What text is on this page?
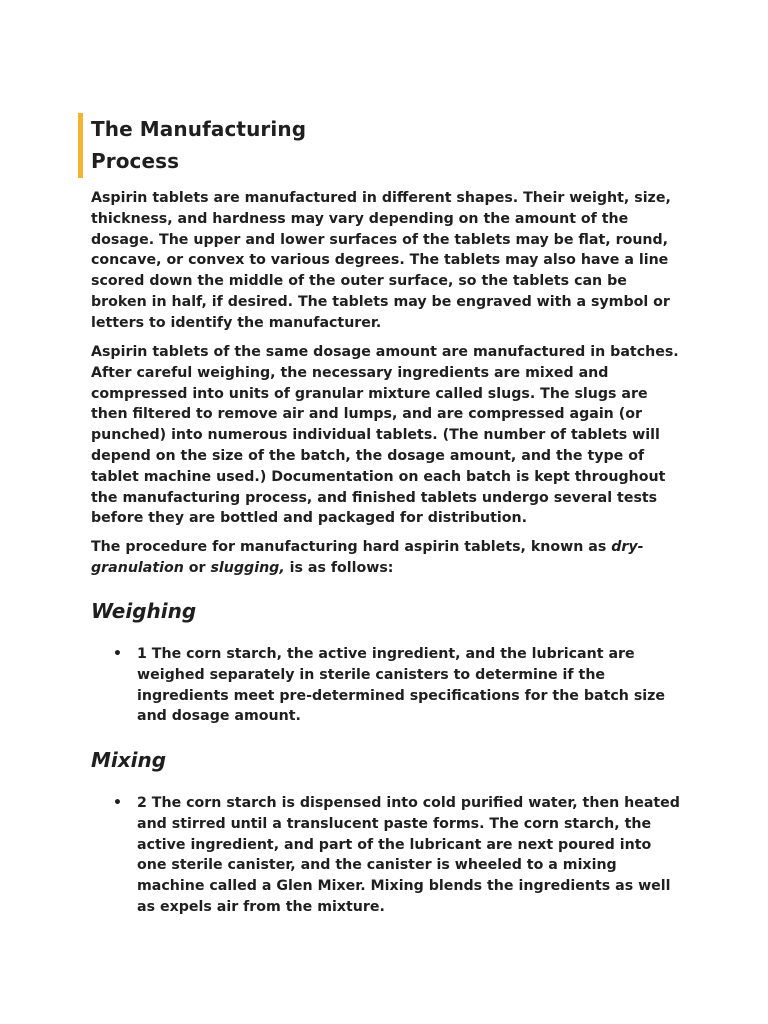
The Manufacturing Process

Aspirin tablets are manufactured in different shapes. Their weight, size, thickness, and hardness may vary depending on the amount of the dosage. The upper and lower surfaces of the tablets may be flat, round, concave, or convex to various degrees. The tablets may also have a line scored down the middle of the outer surface, so the tablets can be broken in half, if desired. The tablets may be engraved with a symbol or letters to identify the manufacturer.

Aspirin tablets of the same dosage amount are manufactured in batches. After careful weighing, the necessary ingredients are mixed and compressed into units of granular mixture called slugs. The slugs are then filtered to remove air and lumps, and are compressed again (or punched) into numerous individual tablets. (The number of tablets will depend on the size of the batch, the dosage amount, and the type of tablet machine used.) Documentation on each batch is kept throughout the manufacturing process, and finished tablets undergo several tests before they are bottled and packaged for distribution.

The procedure for manufacturing hard aspirin tablets, known as dry-granulation or slugging, is as follows:

Weighing
• 1 The corn starch, the active ingredient, and the lubricant are weighed separately in sterile canisters to determine if the ingredients meet pre-determined specifications for the batch size and dosage amount.

Mixing
• 2 The corn starch is dispensed into cold purified water, then heated and stirred until a translucent paste forms. The corn starch, the active ingredient, and part of the lubricant are next poured into one sterile canister, and the canister is wheeled to a mixing machine called a Glen Mixer. Mixing blends the ingredients as well as expels air from the mixture.
